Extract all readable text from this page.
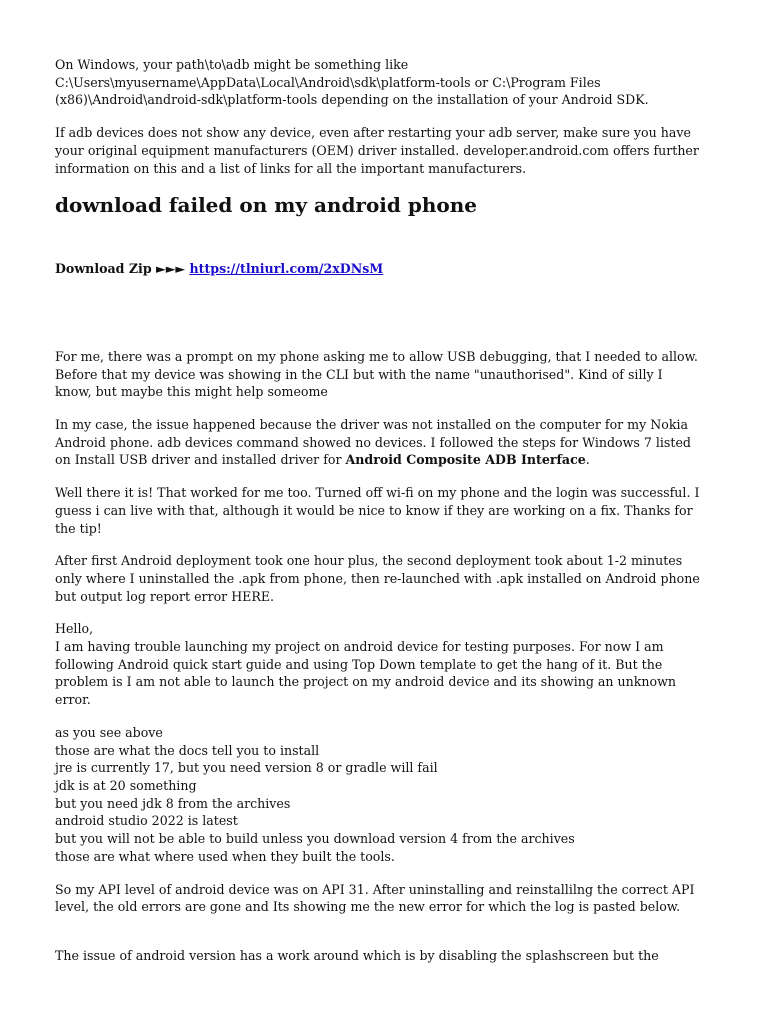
On Windows, your path\to\adb might be something like
C:\Users\myusername\AppData\Local\Android\sdk\platform-tools or C:\Program Files
(x86)\Android\android-sdk\platform-tools depending on the installation of your Android SDK.

If adb devices does not show any device, even after restarting your adb server, make sure you have
your original equipment manufacturers (OEM) driver installed. developer.android.com offers further
information on this and a list of links for all the important manufacturers.

download failed on my android phone
Download Zip ►►► https://tlniurl.com/2xDNsM

For me, there was a prompt on my phone asking me to allow USB debugging, that I needed to allow.
Before that my device was showing in the CLI but with the name "unauthorised". Kind of silly I
know, but maybe this might help someome

In my case, the issue happened because the driver was not installed on the computer for my Nokia
Android phone. adb devices command showed no devices. I followed the steps for Windows 7 listed
on Install USB driver and installed driver for Android Composite ADB Interface.

Well there it is! That worked for me too. Turned off wi-fi on my phone and the login was successful. I
guess i can live with that, although it would be nice to know if they are working on a fix. Thanks for
the tip!

After first Android deployment took one hour plus, the second deployment took about 1-2 minutes
only where I uninstalled the .apk from phone, then re-launched with .apk installed on Android phone
but output log report error HERE.

Hello,
I am having trouble launching my project on android device for testing purposes. For now I am
following Android quick start guide and using Top Down template to get the hang of it. But the
problem is I am not able to launch the project on my android device and its showing an unknown
error.

as you see above
those are what the docs tell you to install
jre is currently 17, but you need version 8 or gradle will fail
jdk is at 20 something
but you need jdk 8 from the archives
android studio 2022 is latest
but you will not be able to build unless you download version 4 from the archives
those are what where used when they built the tools.

So my API level of android device was on API 31. After uninstalling and reinstallilng the correct API
level, the old errors are gone and Its showing me the new error for which the log is pasted below.

The issue of android version has a work around which is by disabling the splashscreen but the
